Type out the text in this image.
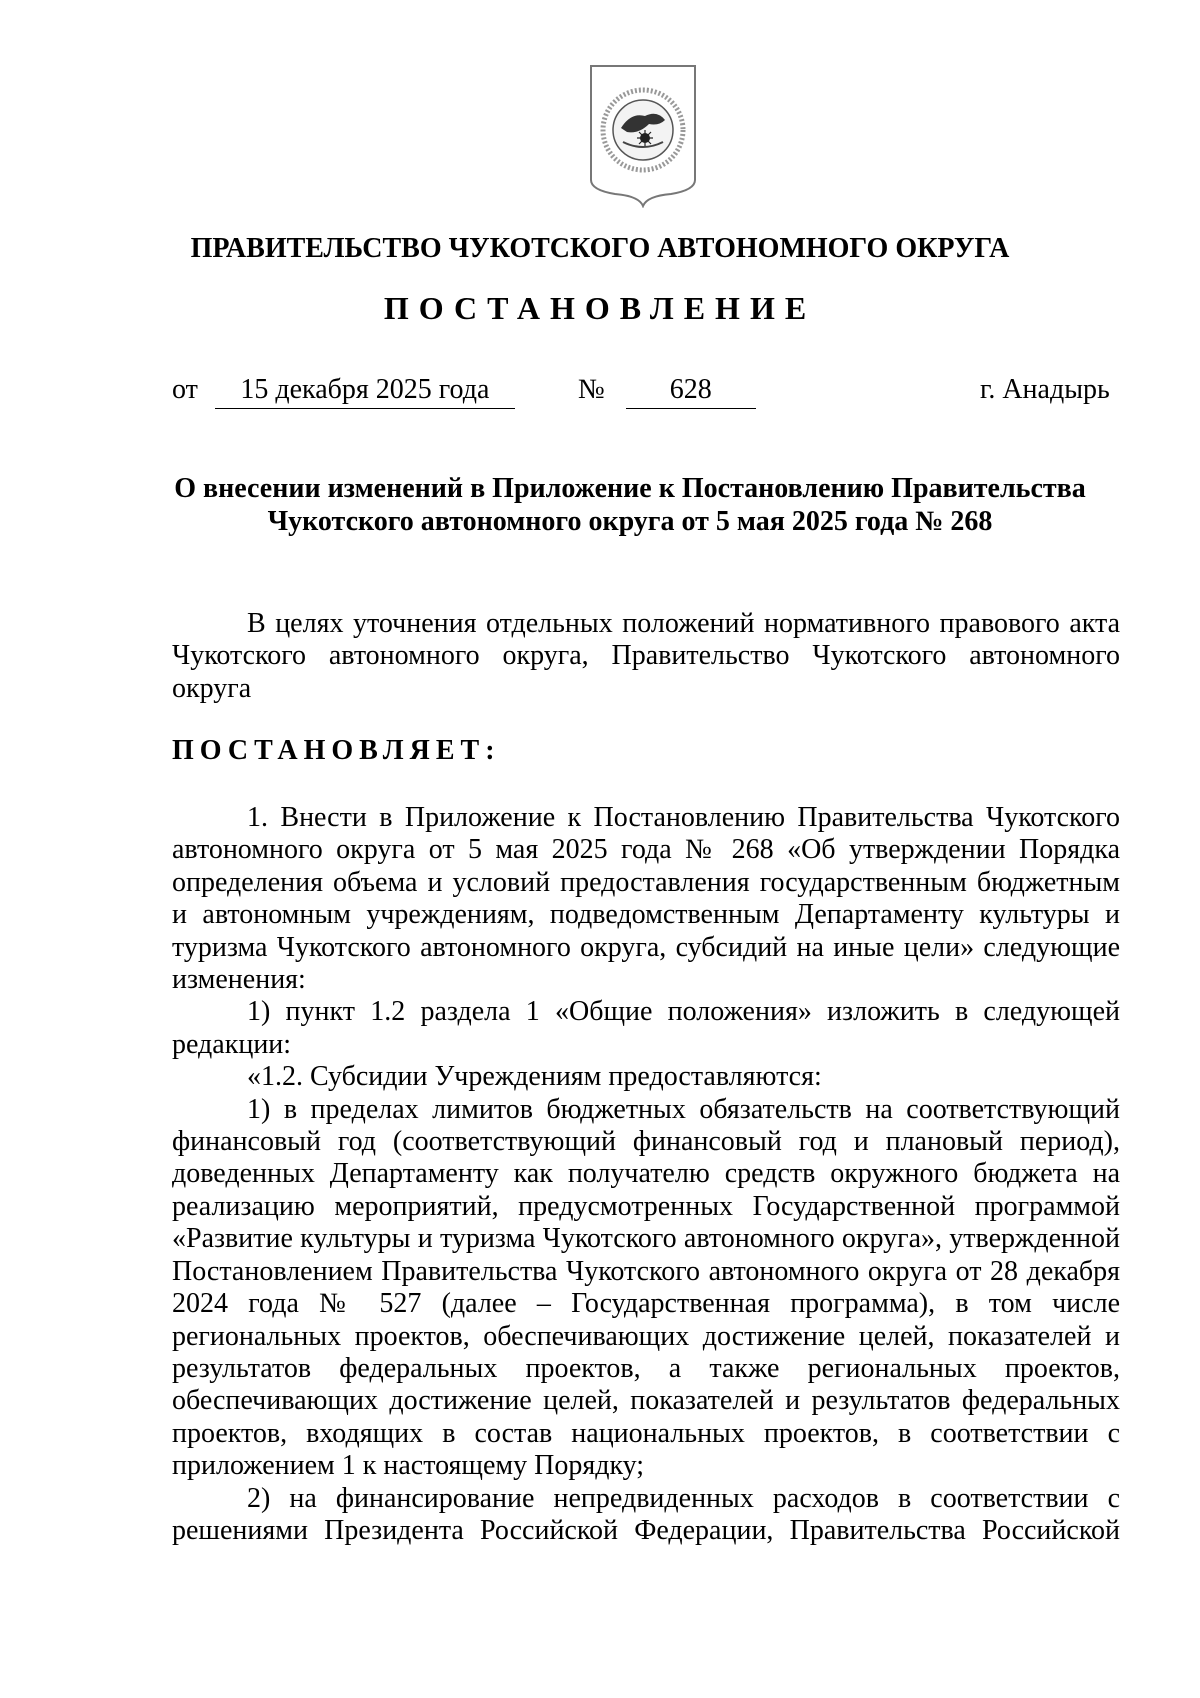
ПРАВИТЕЛЬСТВО ЧУКОТСКОГО АВТОНОМНОГО ОКРУГА
ПОСТАНОВЛЕНИЕ
от 15 декабря 2025 года	№ 628	г. Анадырь
О внесении изменений в Приложение к Постановлению Правительства
Чукотского автономного округа от 5 мая 2025 года № 268

В целях уточнения отдельных положений нормативного правового акта Чукотского автономного округа, Правительство Чукотского автономного округа

ПОСТАНОВЛЯЕТ:

1. Внести в Приложение к Постановлению Правительства Чукотского автономного округа от 5 мая 2025 года № 268 «Об утверждении Порядка определения объема и условий предоставления государственным бюджетным и автономным учреждениям, подведомственным Департаменту культуры и туризма Чукотского автономного округа, субсидий на иные цели» следующие изменения:

1) пункт 1.2 раздела 1 «Общие положения» изложить в следующей редакции:

«1.2. Субсидии Учреждениям предоставляются:

1) в пределах лимитов бюджетных обязательств на соответствующий финансовый год (соответствующий финансовый год и плановый период), доведенных Департаменту как получателю средств окружного бюджета на реализацию мероприятий, предусмотренных Государственной программой «Развитие культуры и туризма Чукотского автономного округа», утвержденной Постановлением Правительства Чукотского автономного округа от 28 декабря 2024 года № 527 (далее – Государственная программа), в том числе региональных проектов, обеспечивающих достижение целей, показателей и результатов федеральных проектов, а также региональных проектов, обеспечивающих достижение целей, показателей и результатов федеральных проектов, входящих в состав национальных проектов, в соответствии с приложением 1 к настоящему Порядку;

2) на финансирование непредвиденных расходов в соответствии с решениями Президента Российской Федерации, Правительства Российской
